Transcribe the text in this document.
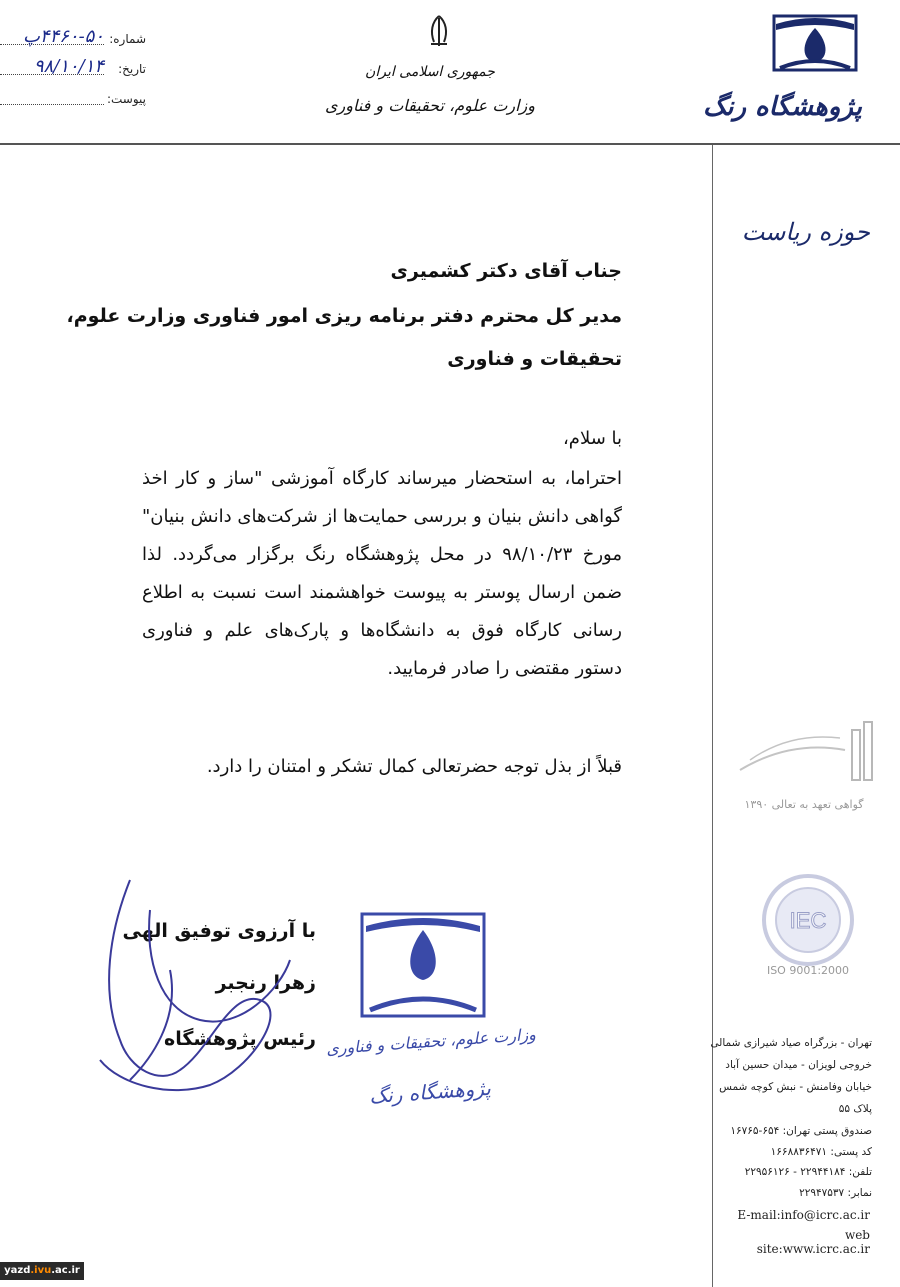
پژوهشگاه رنگ
جمهوری اسلامی ایران
وزارت علوم، تحقیقات و فناوری
شماره:
۴۴۶۰-۵۰پ
تاریخ:
۹۸/۱۰/۱۴
پیوست:
حوزه ریاست
جناب آقای دکتر کشمیری
مدیر کل محترم دفتر برنامه ریزی امور فناوری وزارت علوم،
تحقیقات و فناوری
با سلام،
احتراما، به استحضار میرساند کارگاه آموزشی "ساز و کار اخذ گواهی دانش بنیان و بررسی حمایت‌ها از شرکت‌های دانش بنیان" مورخ ۹۸/۱۰/۲۳ در محل پژوهشگاه رنگ برگزار می‌گردد. لذا ضمن ارسال پوستر به پیوست خواهشمند است نسبت به اطلاع رسانی کارگاه فوق به دانشگاه‌ها و پارک‌های علم و فناوری دستور مقتضی را صادر فرمایید.
قبلاً از بذل توجه حضرتعالی کمال تشکر و امتنان را دارد.
با آرزوی توفیق الهی
زهرا رنجبر
رئیس پژوهشگاه وزارت علوم، تحقیقات و فناوری
پژوهشگاه رنگ
گواهی تعهد به تعالی ۱۳۹۰
IEC
ISO 9001:2000
تهران - بزرگراه صیاد شیرازی شمالی
خروجی لویزان - میدان حسین آباد
خیابان وفامنش - نبش کوچه شمس
پلاک ۵۵
صندوق پستی تهران: ۶۵۴-۱۶۷۶۵
کد پستی: ۱۶۶۸۸۳۶۴۷۱
تلفن: ۲۲۹۴۴۱۸۴ - ۲۲۹۵۶۱۲۶
نمابر: ۲۲۹۴۷۵۳۷
E-mail:info@icrc.ac.ir
web site:www.icrc.ac.ir
yazd.ivu.ac.ir
